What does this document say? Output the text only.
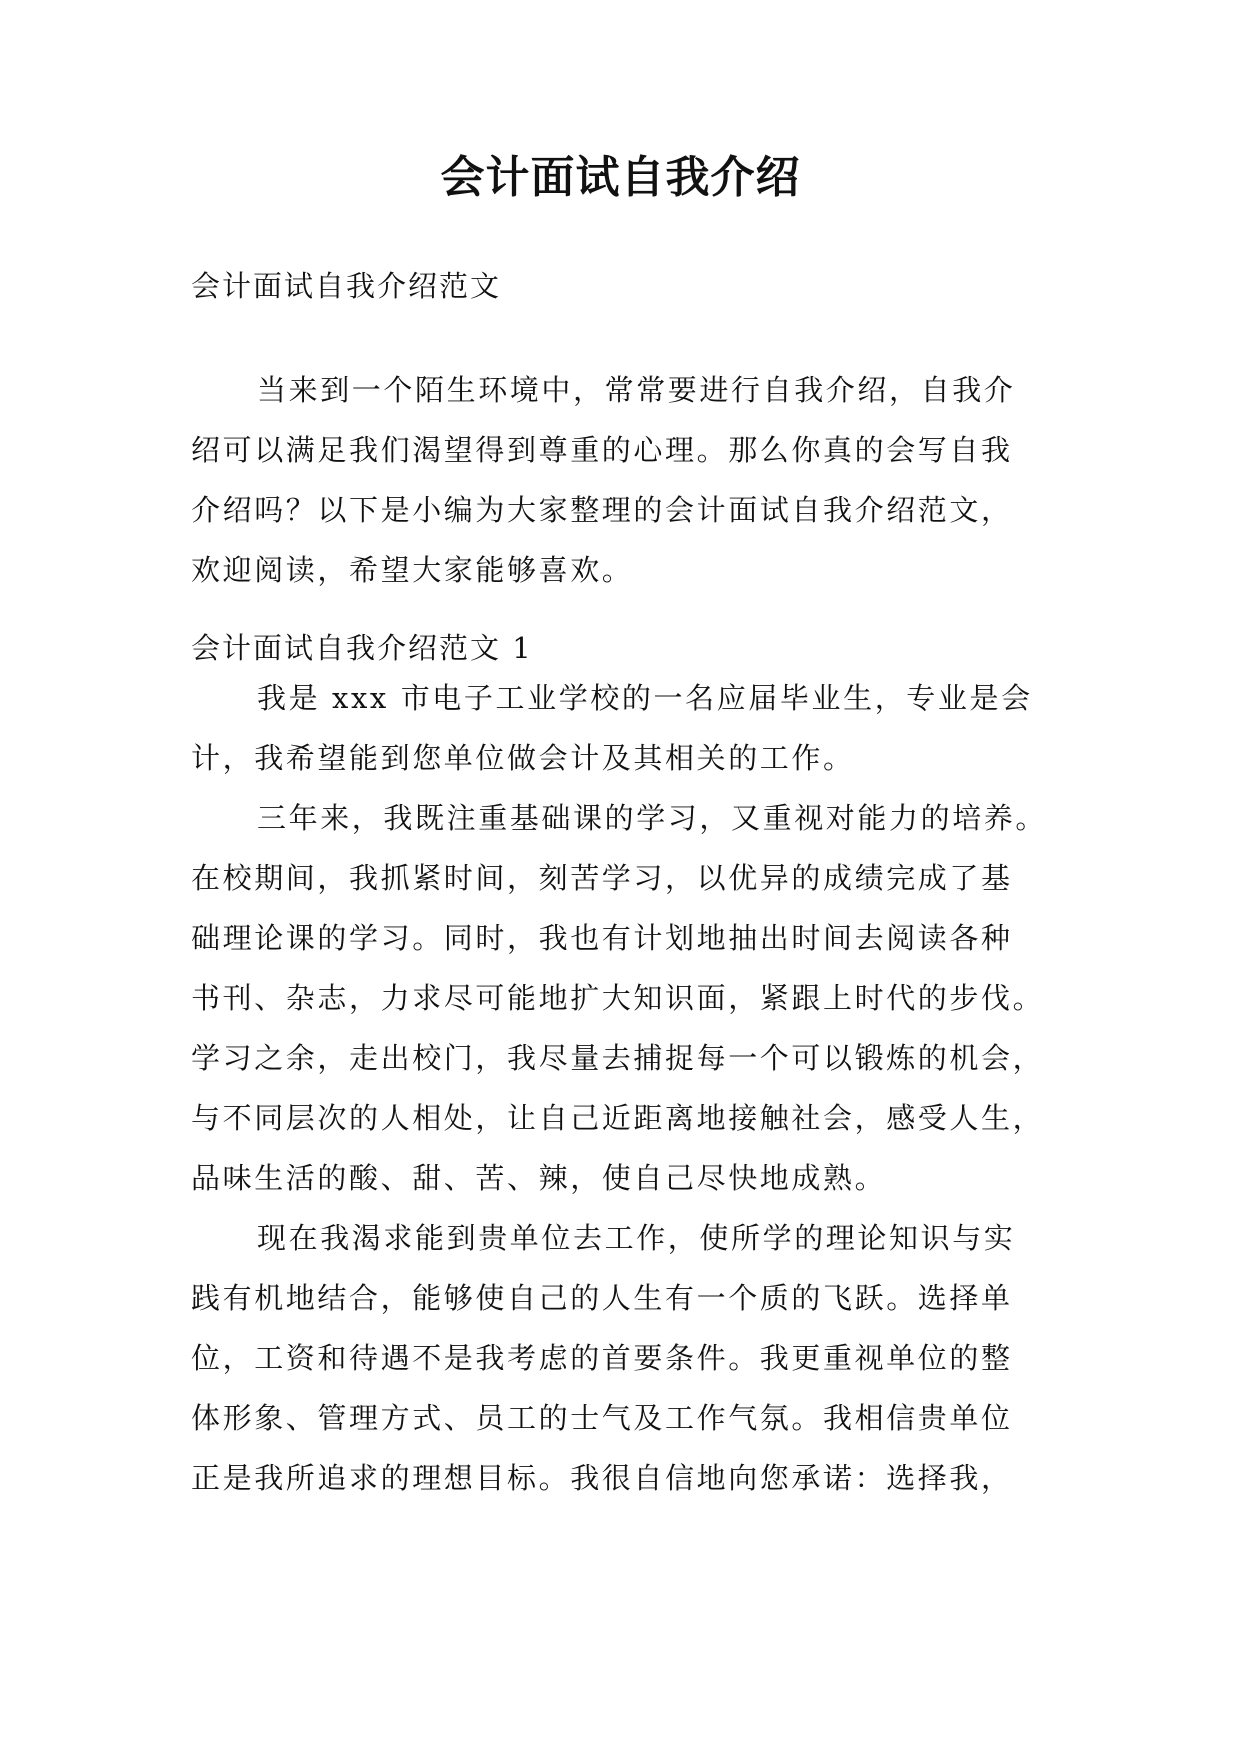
会计面试自我介绍
会计面试自我介绍范文
当来到一个陌生环境中，常常要进行自我介绍，自我介
绍可以满足我们渴望得到尊重的心理。那么你真的会写自我
介绍吗？以下是小编为大家整理的会计面试自我介绍范文，
欢迎阅读，希望大家能够喜欢。
会计面试自我介绍范文 1
我是 xxx 市电子工业学校的一名应届毕业生，专业是会
计，我希望能到您单位做会计及其相关的工作。
三年来，我既注重基础课的学习，又重视对能力的培养。
在校期间，我抓紧时间，刻苦学习，以优异的成绩完成了基
础理论课的学习。同时，我也有计划地抽出时间去阅读各种
书刊、杂志，力求尽可能地扩大知识面，紧跟上时代的步伐。
学习之余，走出校门，我尽量去捕捉每一个可以锻炼的机会，
与不同层次的人相处，让自己近距离地接触社会，感受人生，
品味生活的酸、甜、苦、辣，使自己尽快地成熟。
现在我渴求能到贵单位去工作，使所学的理论知识与实
践有机地结合，能够使自己的人生有一个质的飞跃。选择单
位，工资和待遇不是我考虑的首要条件。我更重视单位的整
体形象、管理方式、员工的士气及工作气氛。我相信贵单位
正是我所追求的理想目标。我很自信地向您承诺：选择我，
